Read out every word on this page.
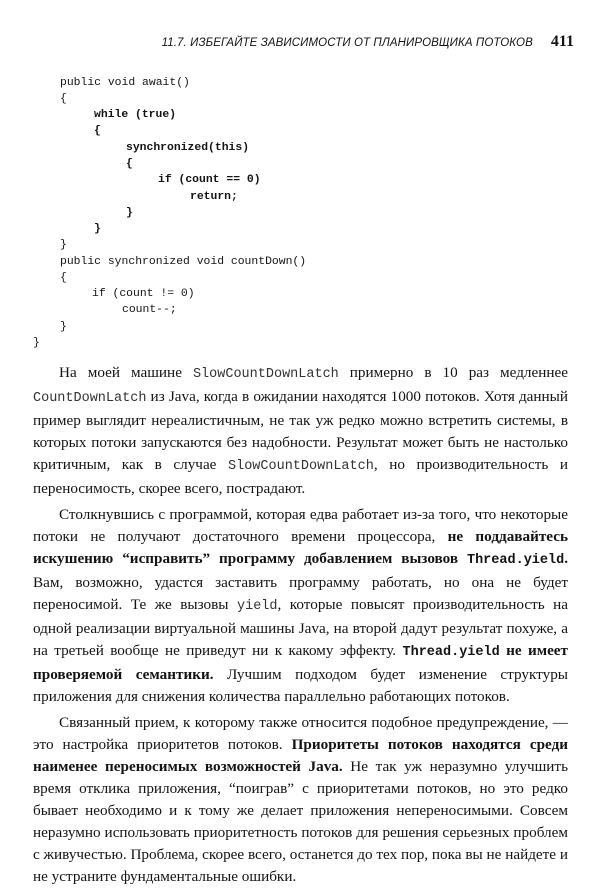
11.7. ИЗБЕГАЙТЕ ЗАВИСИМОСТИ ОТ ПЛАНИРОВЩИКА ПОТОКОВ 411
public void await()
{
while (true)
{
synchronized(this)
{
if (count == 0)
return;
}
}
}
public synchronized void countDown()
{
if (count != 0)
count--;
}
}

На моей машине SlowCountDownLatch примерно в 10 раз медленнее CountDownLatch из Java, когда в ожидании находятся 1000 потоков. Хотя данный пример выглядит нереалистичным, не так уж редко можно встретить системы, в которых потоки запускаются без надобности. Результат может быть не настолько критичным, как в случае SlowCountDownLatch, но производительность и переносимость, скорее всего, пострадают.

Столкнувшись с программой, которая едва работает из-за того, что некоторые потоки не получают достаточного времени процессора, не поддавайтесь искушению “исправить” программу добавлением вызовов Thread.yield. Вам, возможно, удастся заставить программу работать, но она не будет переносимой. Те же вызовы yield, которые повысят производительность на одной реализации виртуальной машины Java, на второй дадут результат похуже, а на третьей вообще не приведут ни к какому эффекту. Thread.yield не имеет проверяемой семантики. Лучшим подходом будет изменение структуры приложения для снижения количества параллельно работающих потоков.

Связанный прием, к которому также относится подобное предупреждение, — это настройка приоритетов потоков. Приоритеты потоков находятся среди наименее переносимых возможностей Java. Не так уж неразумно улучшить время отклика приложения, “поиграв” с приоритетами потоков, но это редко бывает необходимо и к тому же делает приложения непереносимыми. Совсем неразумно использовать приоритетность потоков для решения серьезных проблем с живучестью. Проблема, скорее всего, останется до тех пор, пока вы не найдете и не устраните фундаментальные ошибки.
